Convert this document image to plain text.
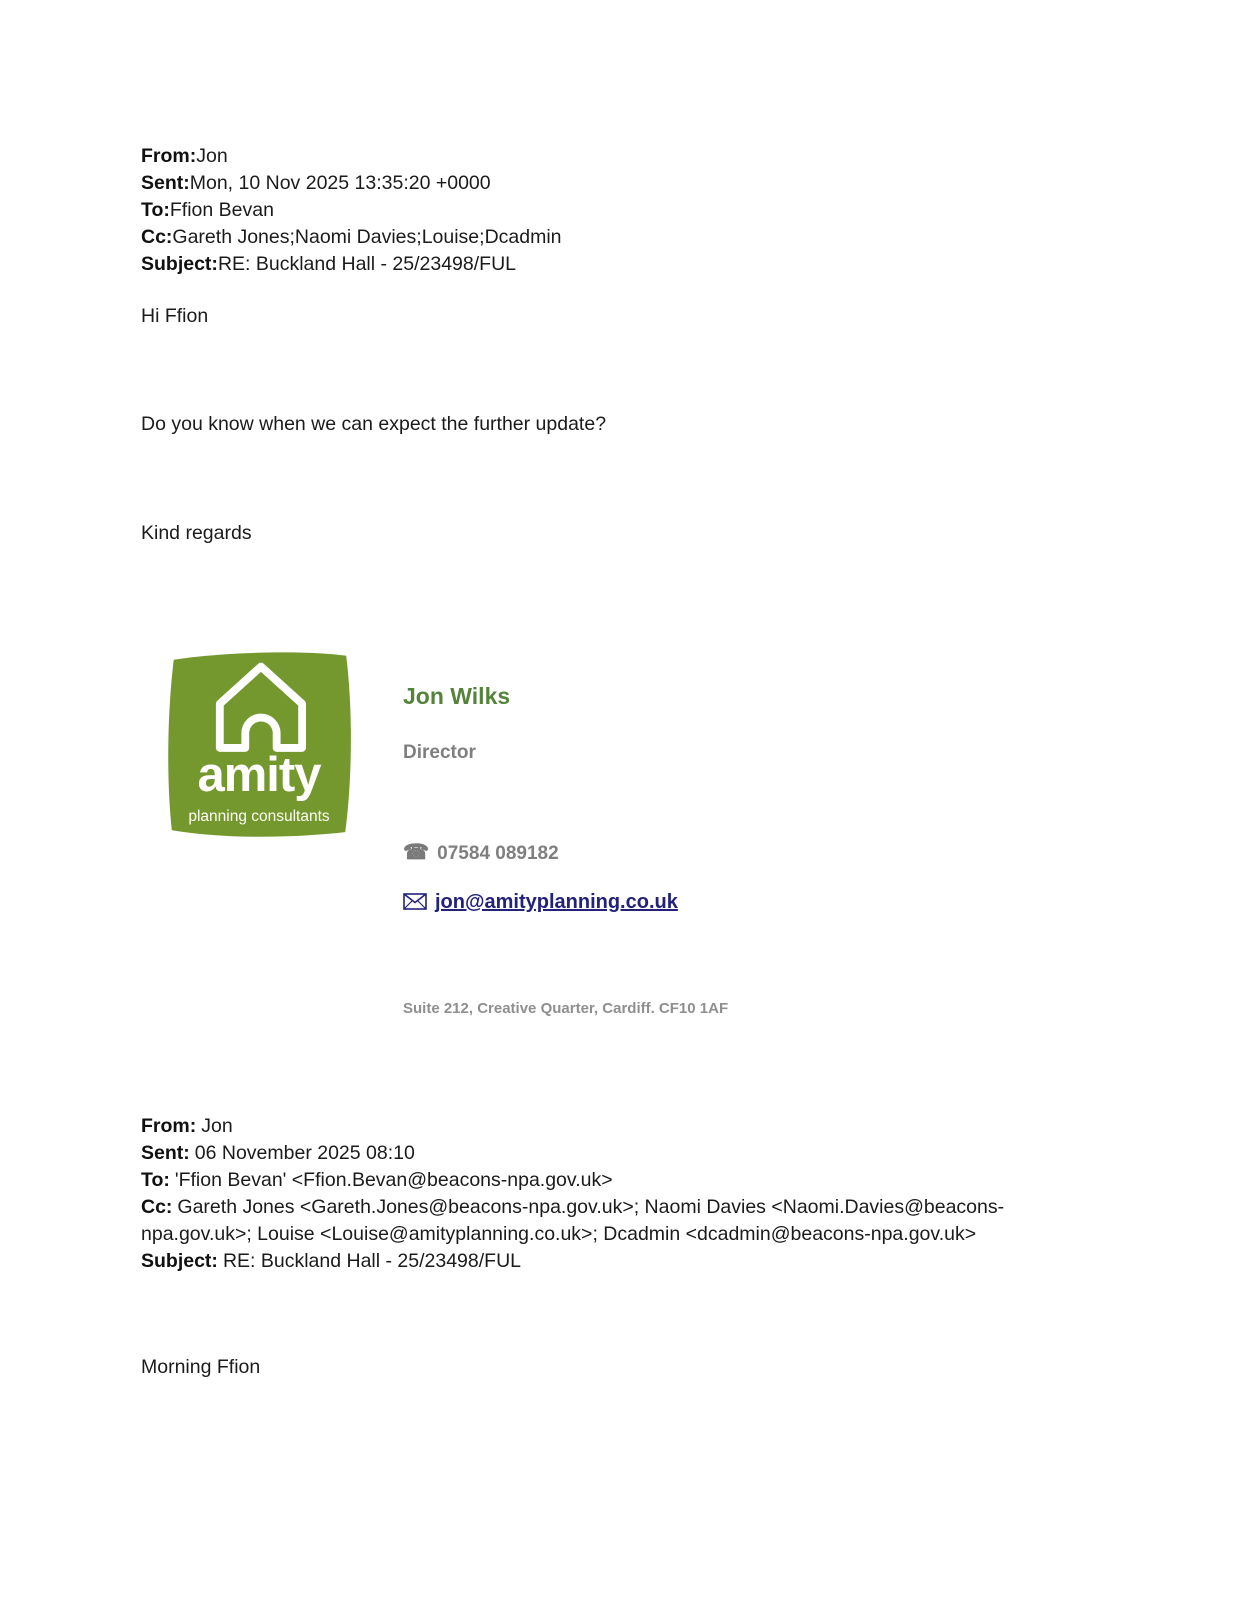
From:Jon
Sent:Mon, 10 Nov 2025 13:35:20 +0000
To:Ffion Bevan
Cc:Gareth Jones;Naomi Davies;Louise;Dcadmin
Subject:RE: Buckland Hall - 25/23498/FUL

Hi Ffion

Do you know when we can expect the further update?

Kind regards

amity
planning consultants
Jon Wilks
Director
☎ 07584 089182
jon@amityplanning.co.uk
Suite 212, Creative Quarter, Cardiff. CF10 1AF
From: Jon
Sent: 06 November 2025 08:10
To: 'Ffion Bevan' <Ffion.Bevan@beacons-npa.gov.uk>
Cc: Gareth Jones <Gareth.Jones@beacons-npa.gov.uk>; Naomi Davies <Naomi.Davies@beacons-npa.gov.uk>; Louise <Louise@amityplanning.co.uk>; Dcadmin <dcadmin@beacons-npa.gov.uk>
Subject: RE: Buckland Hall - 25/23498/FUL

Morning Ffion
